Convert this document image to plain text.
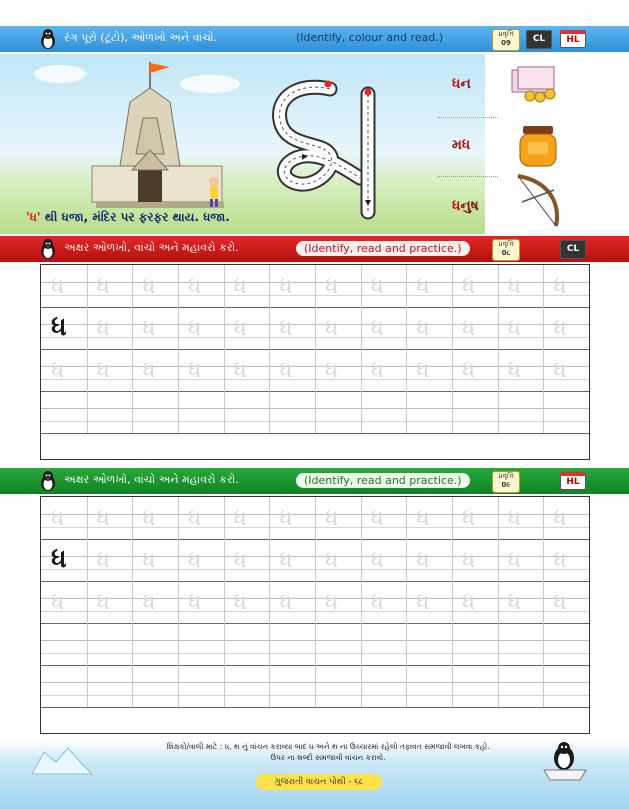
રંગ પૂરો (ટૂંટો), ઓળખો અને વાંચો.	(Identify, colour and read.)	પ્રવૃત્તિ
09	CL	HL
'ધ' થી ધજા, મંદિર પર ફરફર થાય. ધજા.
ધન
મધ
ધનુષ
અક્ષર ઓળખો, વાંચો અને મહાવરો કરો.	(Identify, read and practice.)	પ્રવૃત્તિ
0૮	CL
ધ ધ ધ ધ ધ ધ ધ ધ ધ ધ ધ ધ
ધ ધ ધ ધ ધ ધ ધ ધ ધ ધ ધ ધ
ધ ધ ધ ધ ધ ધ ધ ધ ધ ધ ધ ધ
અક્ષર ઓળખો, વાંચો અને મહાવરો કરો.	(Identify, read and practice.)	પ્રવૃત્તિ
0૯	HL
ધ ધ ધ ધ ધ ધ ધ ધ ધ ધ ધ ધ
ધ ધ ધ ધ ધ ધ ધ ધ ધ ધ ધ ધ
ધ ધ ધ ધ ધ ધ ધ ધ ધ ધ ધ ધ
શિક્ષકો/વાલી માટે : ધ, થ નું વાંચન કરાવ્યા બાદ ધ અને થ ના ઉચ્ચારમાં રહેલો તફાવત સમજાવી લખવા કહો.
ઉપર ના શબ્દો સમજાવી વાંચન કરાવો.
ગુજરાતી વાચન પોથી - ૬૮
